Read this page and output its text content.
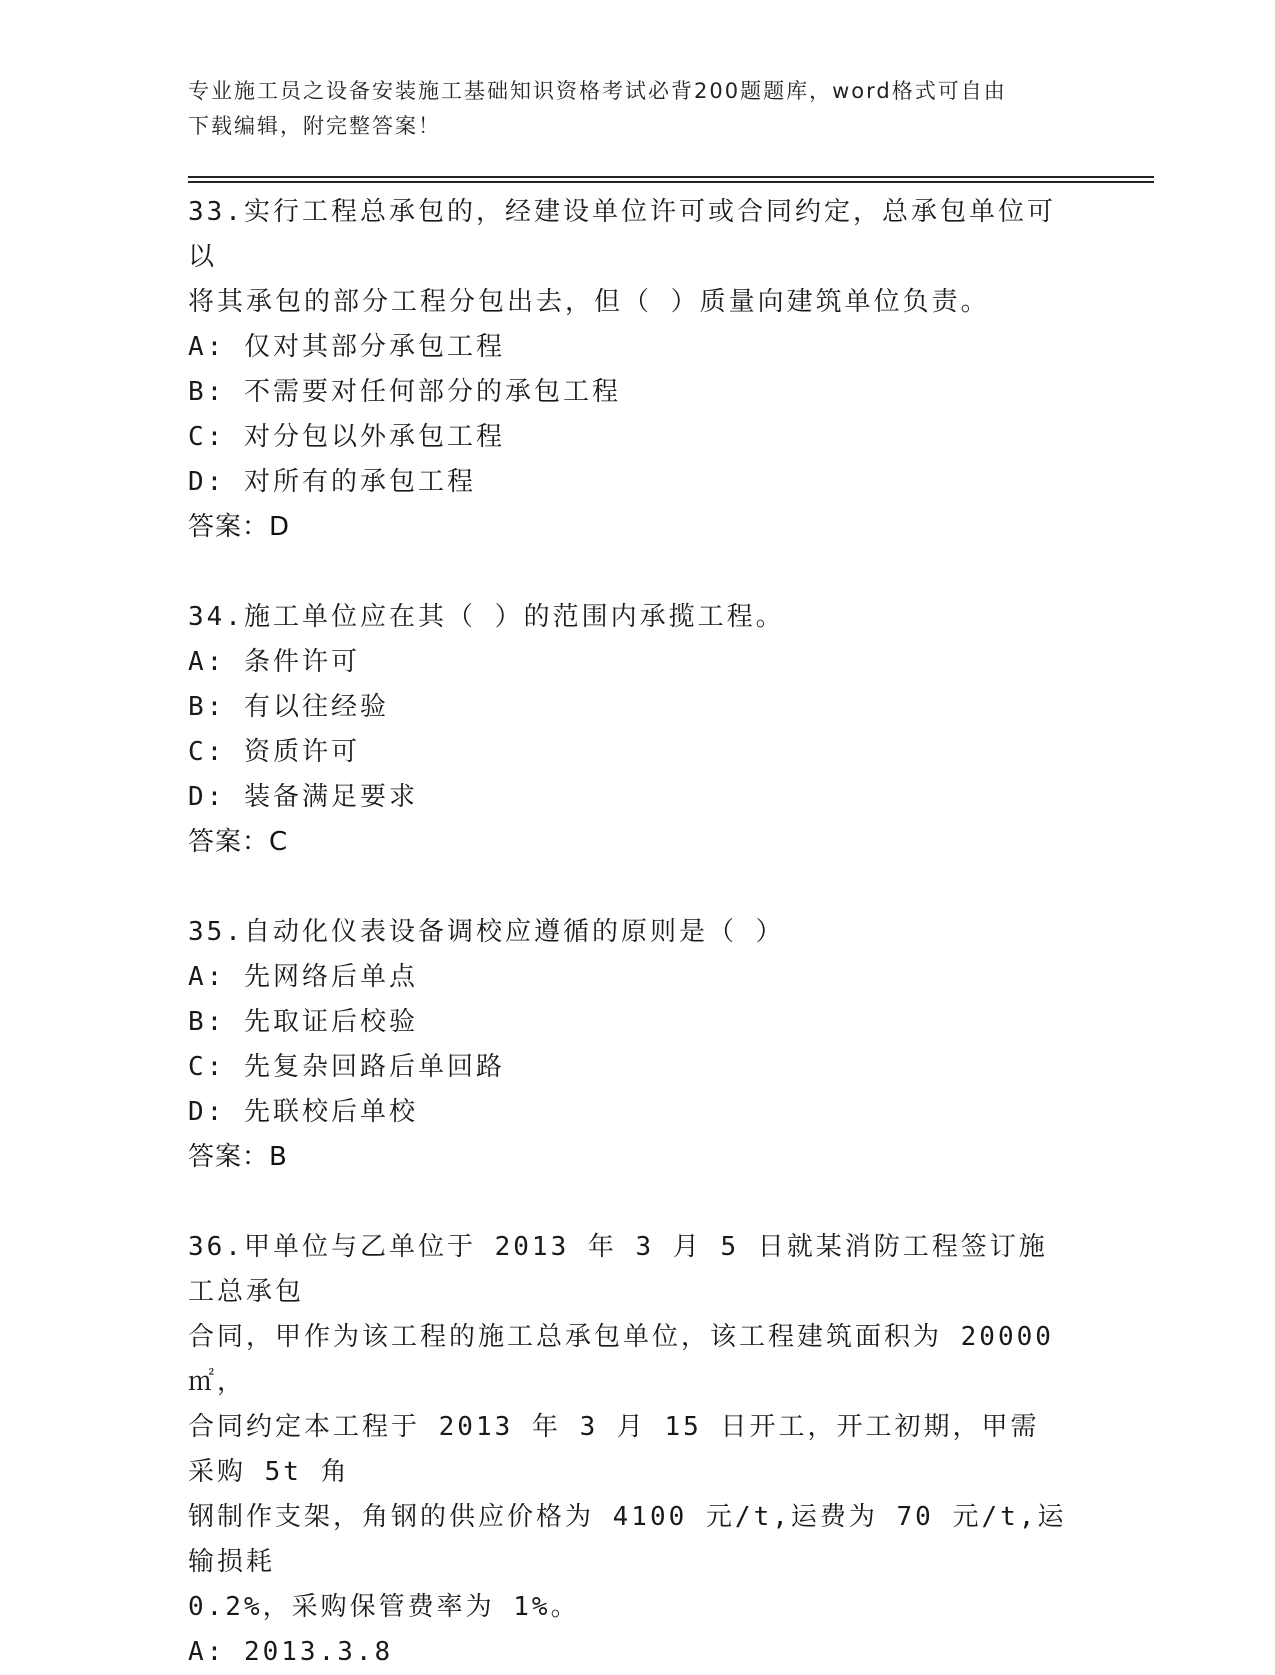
专业施工员之设备安装施工基础知识资格考试必背200题题库，word格式可自由
下载编辑，附完整答案！
33.实行工程总承包的，经建设单位许可或合同约定，总承包单位可以
将其承包的部分工程分包出去，但（ ）质量向建筑单位负责。
A: 仅对其部分承包工程
B: 不需要对任何部分的承包工程
C: 对分包以外承包工程
D: 对所有的承包工程
答案：D
34.施工单位应在其（ ）的范围内承揽工程。
A: 条件许可
B: 有以往经验
C: 资质许可
D: 装备满足要求
答案：C
35.自动化仪表设备调校应遵循的原则是（ ）
A: 先网络后单点
B: 先取证后校验
C: 先复杂回路后单回路
D: 先联校后单校
答案：B
36.甲单位与乙单位于 2013 年 3 月 5 日就某消防工程签订施工总承包
合同，甲作为该工程的施工总承包单位，该工程建筑面积为 20000㎡，
合同约定本工程于 2013 年 3 月 15 日开工，开工初期，甲需采购 5t 角
钢制作支架，角钢的供应价格为 4100 元/t,运费为 70 元/t,运输损耗
0.2%，采购保管费率为 1%。
A: 2013.3.8
